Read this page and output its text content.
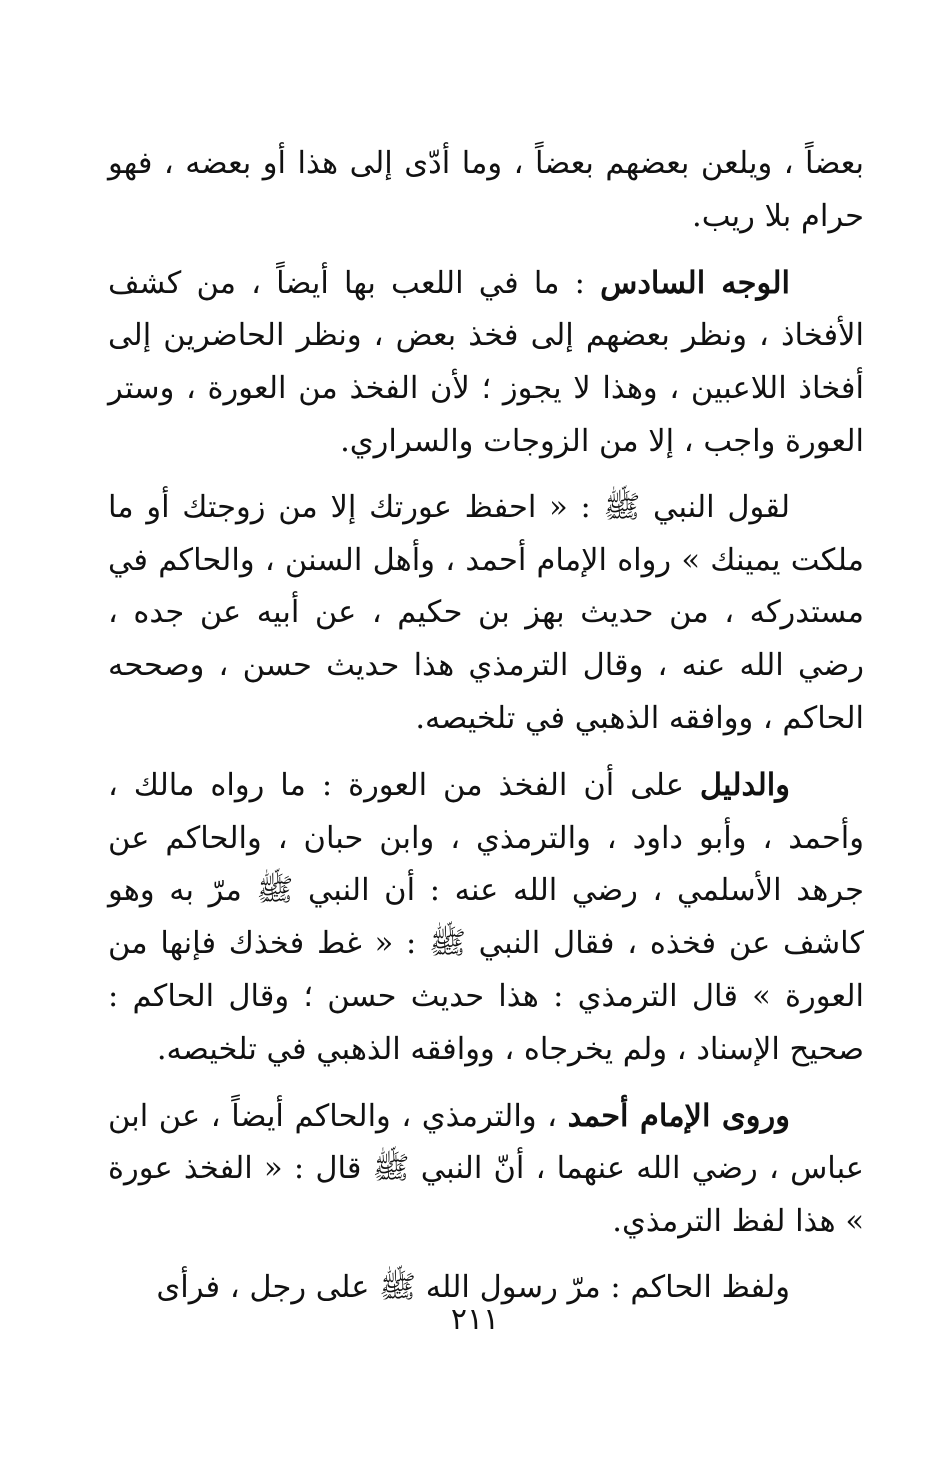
بعضاً ، ويلعن بعضهم بعضاً ، وما أدّى إلى هذا أو بعضه ، فهو حرام بلا ريب.

الوجه السادس : ما في اللعب بها أيضاً ، من كشف الأفخاذ ، ونظر بعضهم إلى فخذ بعض ، ونظر الحاضرين إلى أفخاذ اللاعبين ، وهذا لا يجوز ؛ لأن الفخذ من العورة ، وستر العورة واجب ، إلا من الزوجات والسراري.

لقول النبي ﷺ : « احفظ عورتك إلا من زوجتك أو ما ملكت يمينك » رواه الإمام أحمد ، وأهل السنن ، والحاكم في مستدركه ، من حديث بهز بن حكيم ، عن أبيه عن جده ، رضي الله عنه ، وقال الترمذي هذا حديث حسن ، وصححه الحاكم ، ووافقه الذهبي في تلخيصه.

والدليل على أن الفخذ من العورة : ما رواه مالك ، وأحمد ، وأبو داود ، والترمذي ، وابن حبان ، والحاكم عن جرهد الأسلمي ، رضي الله عنه : أن النبي ﷺ مرّ به وهو كاشف عن فخذه ، فقال النبي ﷺ : « غط فخذك فإنها من العورة » قال الترمذي : هذا حديث حسن ؛ وقال الحاكم : صحيح الإسناد ، ولم يخرجاه ، ووافقه الذهبي في تلخيصه.

وروى الإمام أحمد ، والترمذي ، والحاكم أيضاً ، عن ابن عباس ، رضي الله عنهما ، أنّ النبي ﷺ قال : « الفخذ عورة » هذا لفظ الترمذي.

ولفظ الحاكم : مرّ رسول الله ﷺ على رجل ، فرأى

٢١١
